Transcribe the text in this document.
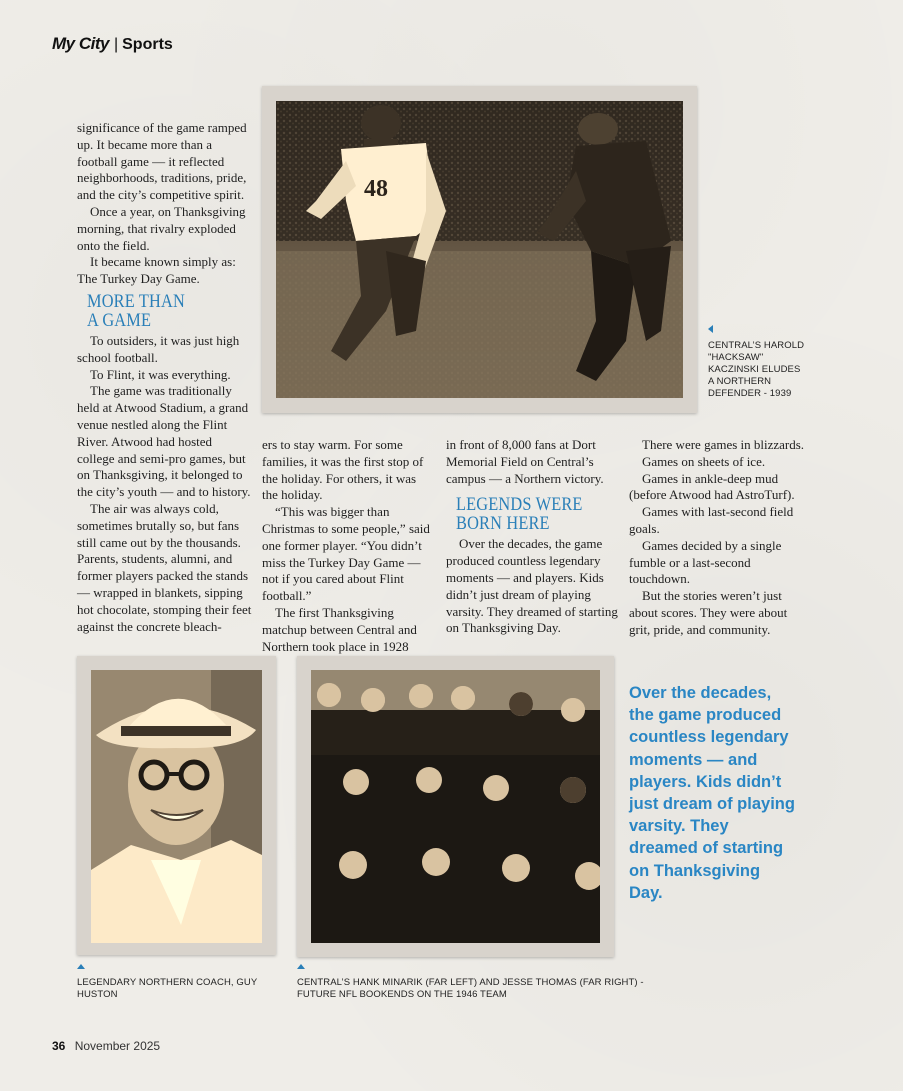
My City | Sports

significance of the game ramped up. It became more than a football game — it reflected neighborhoods, traditions, pride, and the city’s competitive spirit.

Once a year, on Thanksgiving morning, that rivalry exploded onto the field.

It became known simply as: The Turkey Day Game.

MORE THAN
A GAME

To outsiders, it was just high school football.

To Flint, it was everything.

The game was traditionally held at Atwood Stadium, a grand venue nestled along the Flint River. Atwood had hosted college and semi-pro games, but on Thanksgiving, it belonged to the city’s youth — and to history.

The air was always cold, sometimes brutally so, but fans still came out by the thousands. Parents, students, alumni, and former players packed the stands — wrapped in blankets, sipping hot chocolate, stomping their feet against the concrete bleach-

48
CENTRAL’S HAROLD "HACKSAW" KACZINSKI ELUDES A NORTHERN DEFENDER - 1939

ers to stay warm. For some families, it was the first stop of the holiday. For others, it was the holiday.

“This was bigger than Christmas to some people,” said one former player. “You didn’t miss the Turkey Day Game — not if you cared about Flint football.”

The first Thanksgiving matchup between Central and Northern took place in 1928

in front of 8,000 fans at Dort Memorial Field on Central’s campus — a Northern victory.

LEGENDS WERE
BORN HERE

Over the decades, the game produced countless legendary moments — and players. Kids didn’t just dream of playing varsity. They dreamed of starting on Thanksgiving Day.

There were games in blizzards.

Games on sheets of ice.

Games in ankle-deep mud (before Atwood had AstroTurf).

Games with last-second field goals.

Games decided by a single fumble or a last-second touchdown.

But the stories weren’t just about scores. They were about grit, pride, and community.

LEGENDARY NORTHERN COACH, GUY HUSTON
CENTRAL’S HANK MINARIK (FAR LEFT) AND JESSE THOMAS (FAR RIGHT) - FUTURE NFL BOOKENDS ON THE 1946 TEAM
Over the decades, the game produced countless legendary moments — and players. Kids didn’t just dream of playing varsity. They dreamed of starting on Thanksgiving Day.
36 November 2025
